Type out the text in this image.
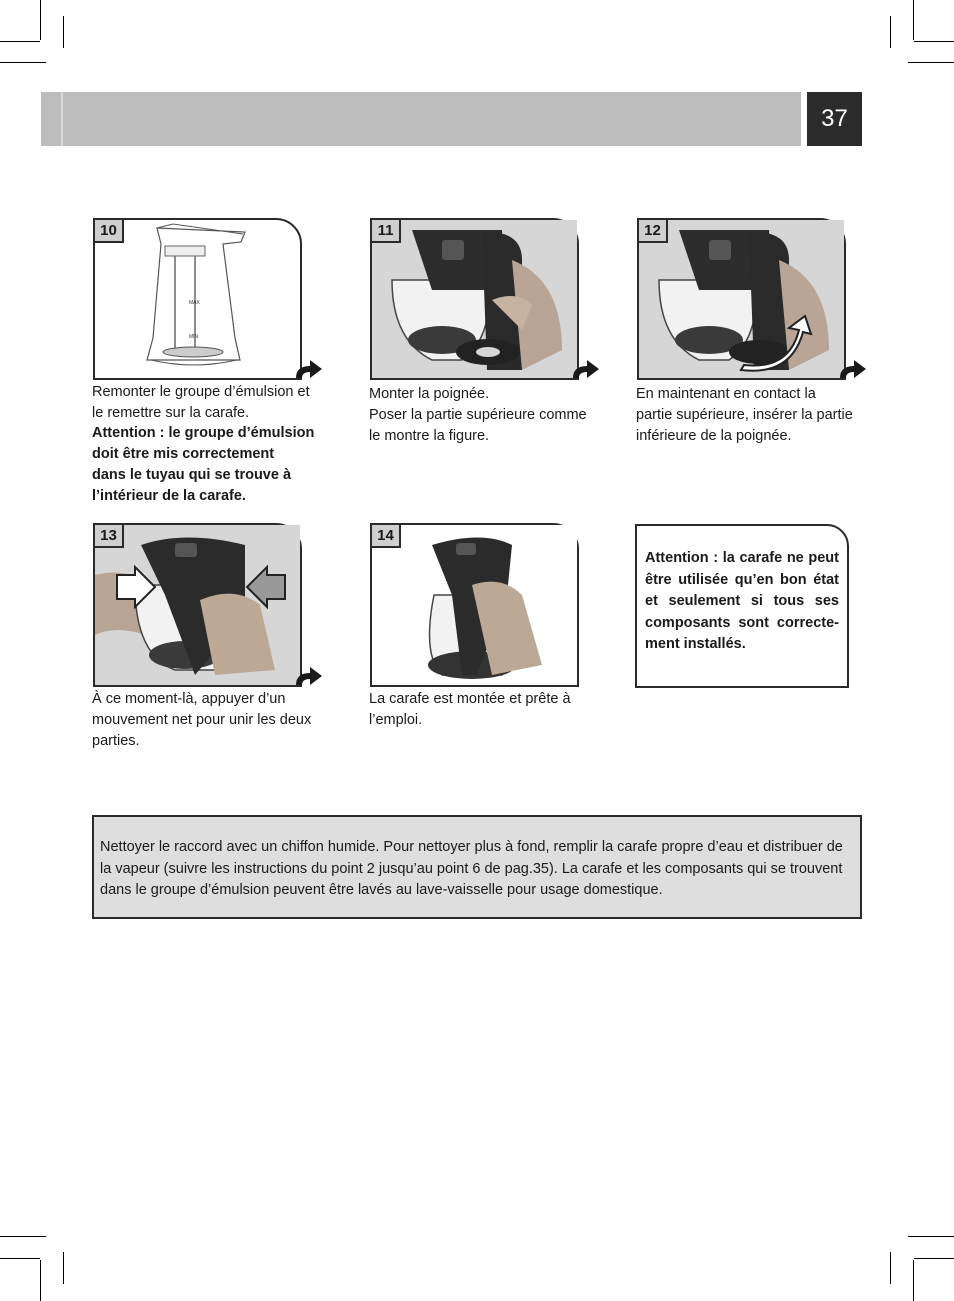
37
MAX
MIN
10

Remonter le groupe d’émulsion et

le remettre sur la carafe.

Attention : le groupe d’émulsion

doit être mis correctement

dans le tuyau qui se trouve à

l’intérieur de la carafe.

11

Monter la poignée.

Poser la partie supérieure comme

le montre la figure.

12

En maintenant en contact la

partie supérieure, insérer la partie

inférieure de la poignée.

13

À ce moment-là, appuyer d’un

mouvement net pour unir les deux

parties.

14

La carafe est montée et prête à

l’emploi.

Attention : la carafe ne peut être utilisée qu’en bon état et seulement si tous ses composants sont correcte-ment installés.

Nettoyer le raccord avec un chiffon humide. Pour nettoyer plus à fond, remplir la carafe propre d’eau et distribuer de la vapeur (suivre les instructions du point 2 jusqu’au point 6 de pag.35). La carafe et les composants qui se trouvent dans le groupe d’émulsion peuvent être lavés au lave-vaisselle pour usage domestique.
